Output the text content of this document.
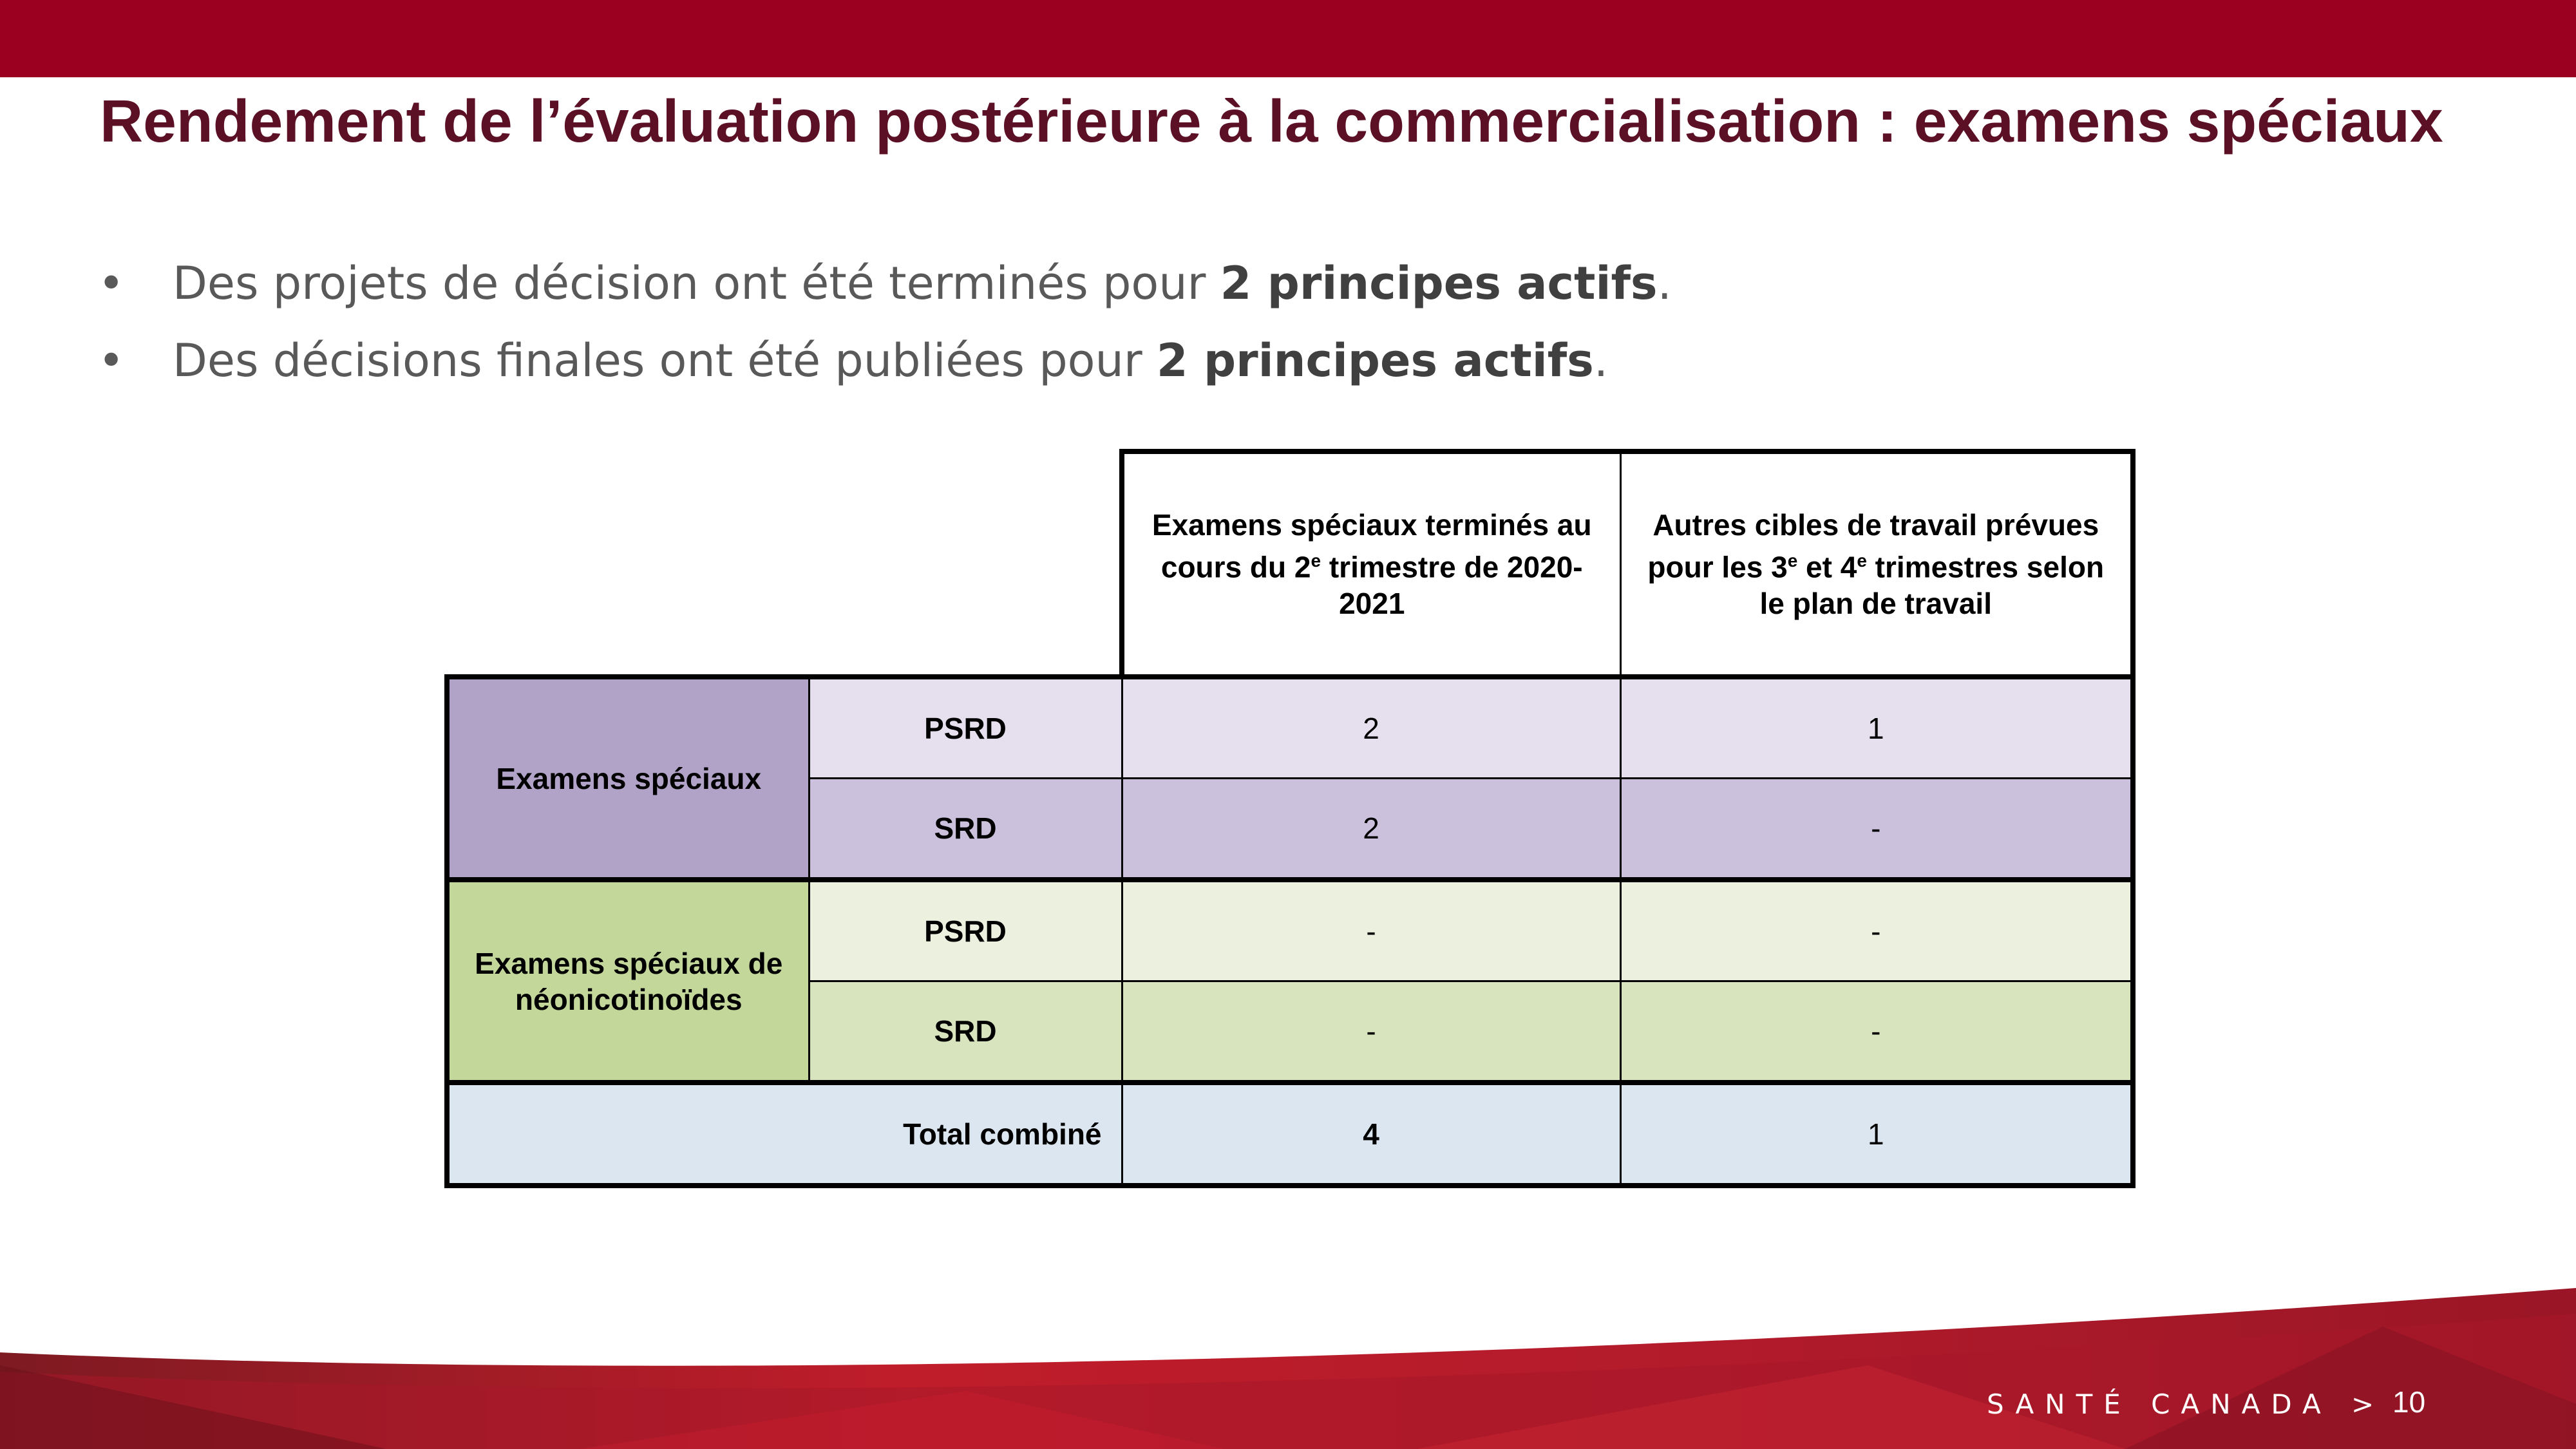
Rendement de l’évaluation postérieure à la commercialisation : examens spéciaux
• Des projets de décision ont été terminés pour 2 principes actifs.
• Des décisions finales ont été publiées pour 2 principes actifs.
		Examens spéciaux terminés au cours du 2e trimestre de 2020-2021	Autres cibles de travail prévues pour les 3e et 4e trimestres selon le plan de travail
Examens spéciaux	PSRD	2	1
	SRD	2	-
Examens spéciaux de néonicotinoïdes	PSRD	-	-
	SRD	-	-
Total combiné		4	1
SANTÉ CANADA > 10
